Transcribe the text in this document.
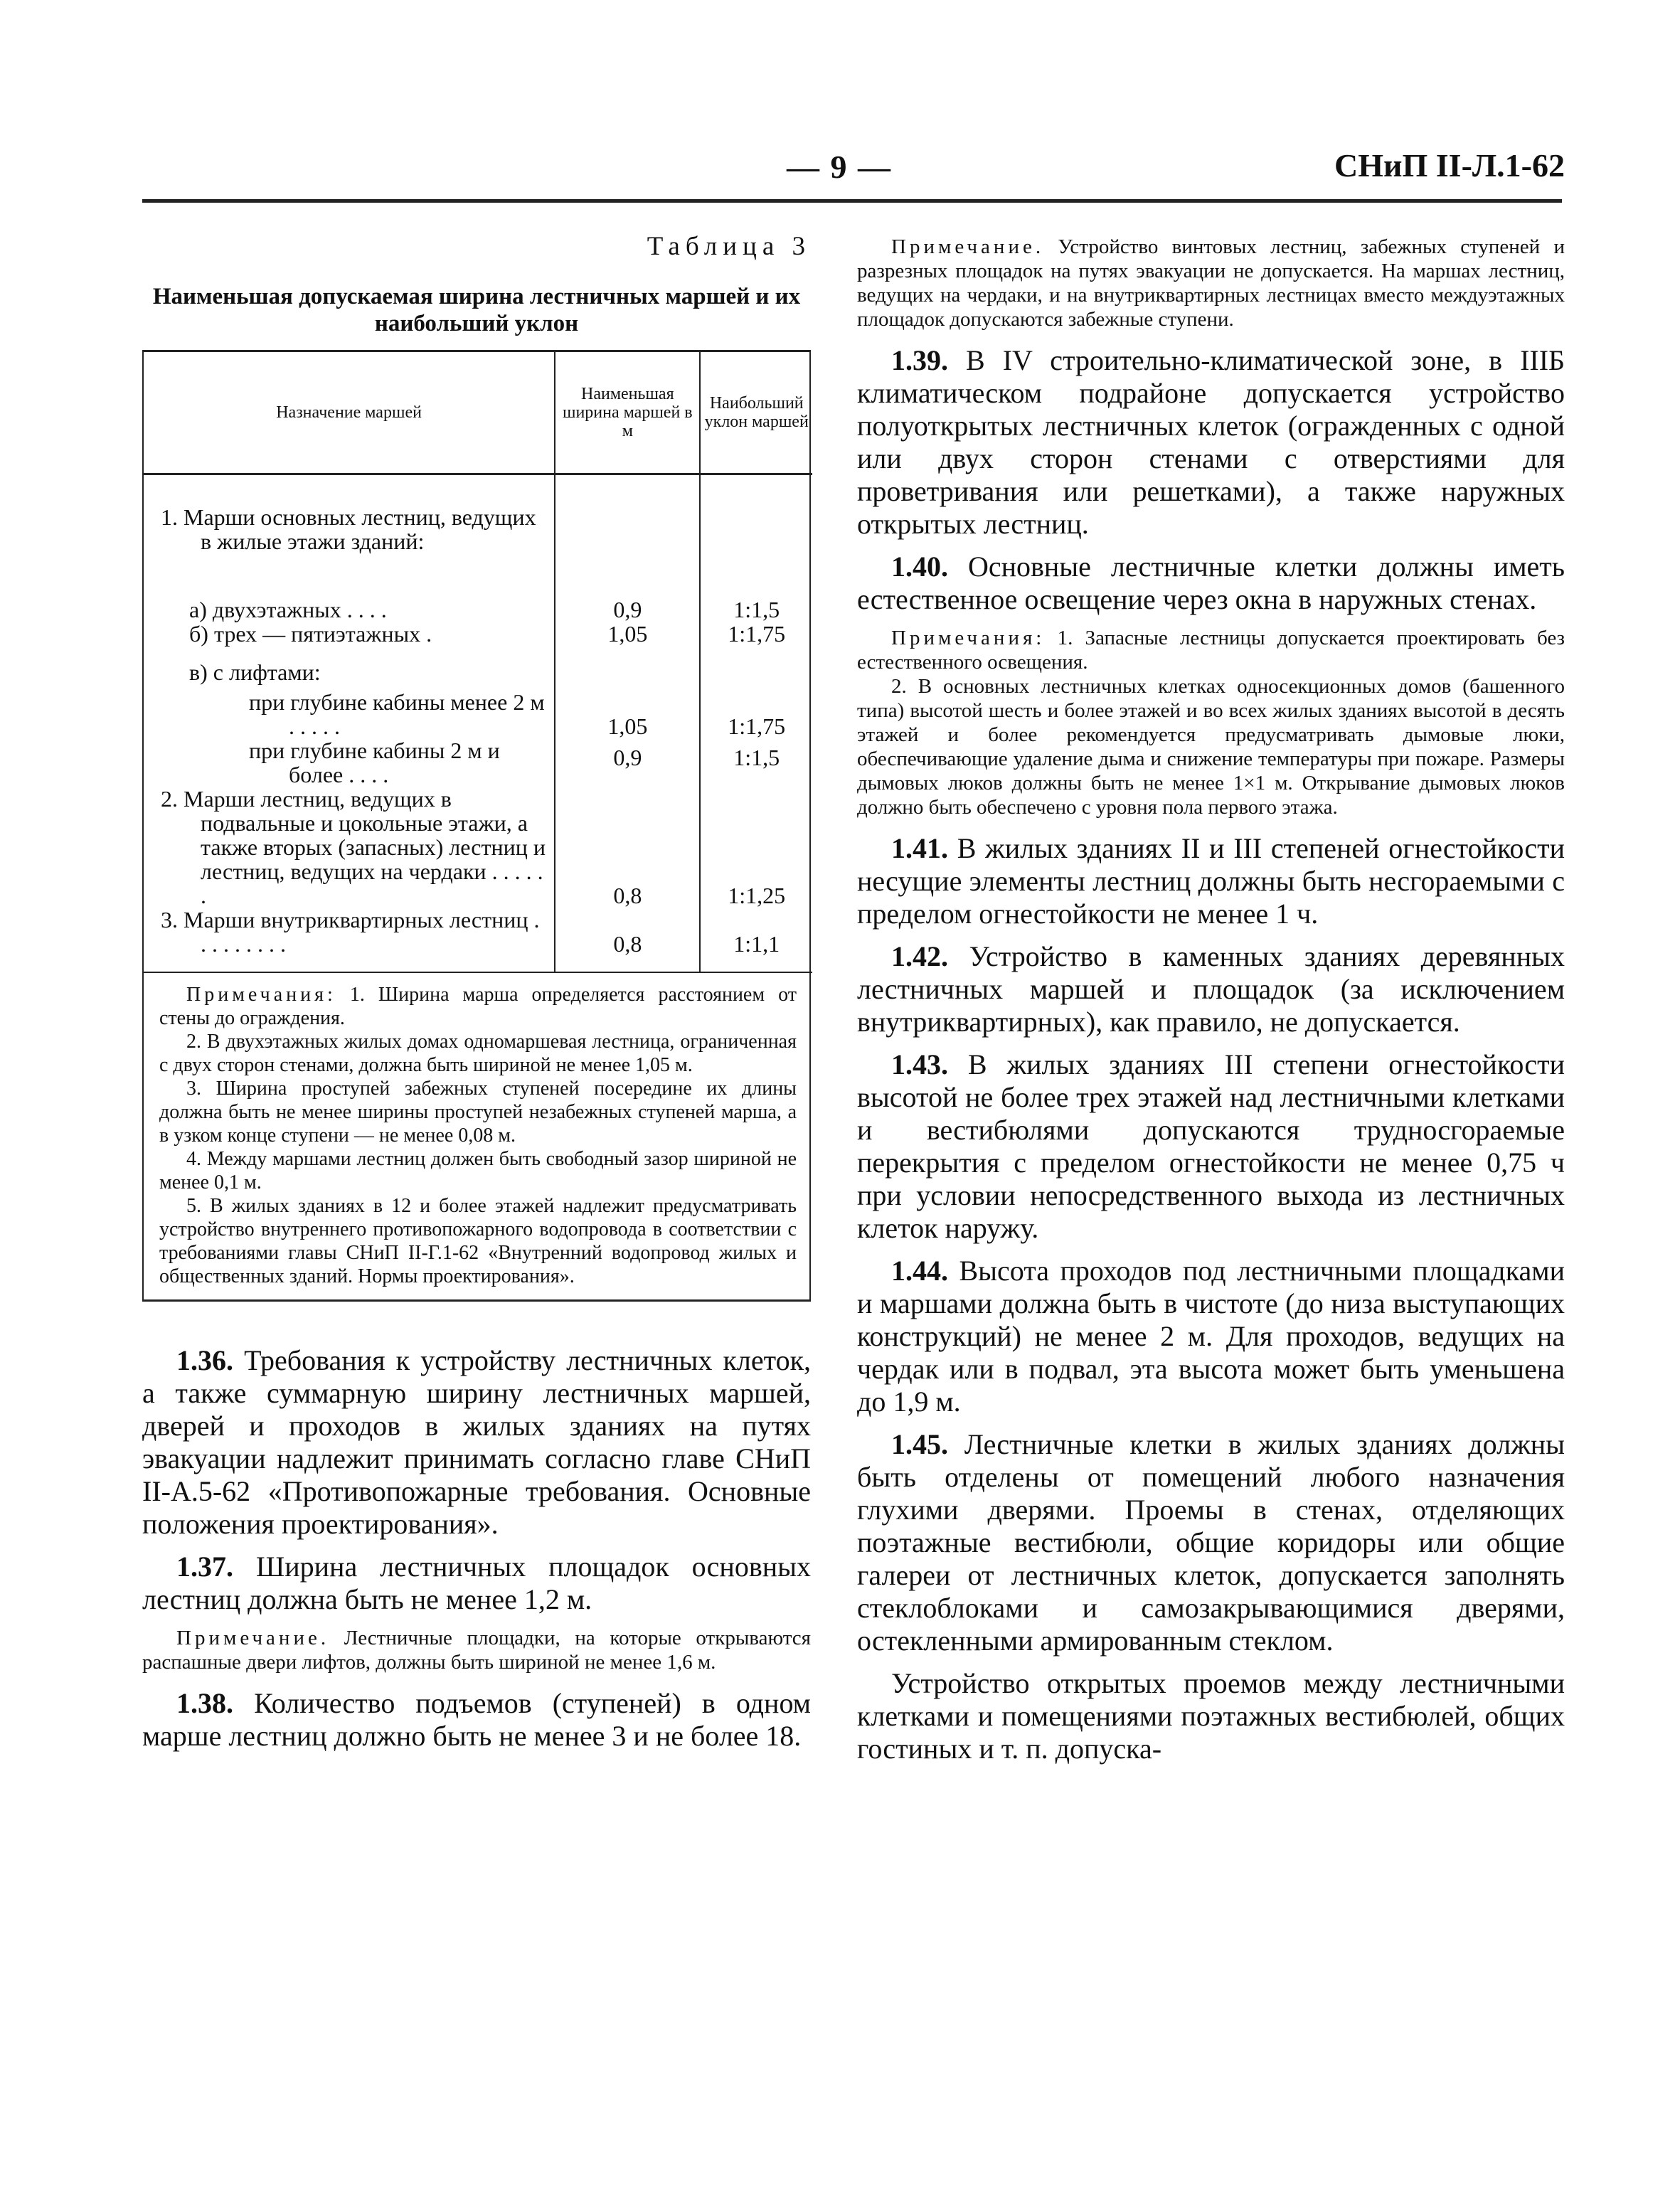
— 9 —	СНиП II-Л.1-62
Таблица 3
Наименьшая допускаемая ширина лестничных маршей и их наибольший уклон
Назначение маршей	Наименьшая ширина маршей в м	Наибольший уклон маршей

1. Марши основных лестниц, ведущих в жилые этажи зданий:		

а) двухэтажных . . . .	0,9	1:1,5

б) трех — пятиэтажных .	1,05	1:1,75

в) с лифтами:		

при глубине кабины менее 2 м . . . . .	1,05	1:1,75

при глубине кабины 2 м и более . . . .	0,9	1:1,5

2. Марши лестниц, ведущих в подвальные и цокольные этажи, а также вторых (запасных) лестниц и лестниц, ведущих на чердаки . . . . . .	0,8	1:1,25

3. Марши внутриквартирных лестниц . . . . . . . . .	0,8	1:1,1

Примечания: 1. Ширина марша определяется расстоянием от стены до ограждения.

2. В двухэтажных жилых домах одномаршевая лестница, ограниченная с двух сторон стенами, должна быть шириной не менее 1,05 м.

3. Ширина проступей забежных ступеней посередине их длины должна быть не менее ширины проступей незабежных ступеней марша, а в узком конце ступени — не менее 0,08 м.

4. Между маршами лестниц должен быть свободный зазор шириной не менее 0,1 м.

5. В жилых зданиях в 12 и более этажей надлежит предусматривать устройство внутреннего противопожарного водопровода в соответствии с требованиями главы СНиП II-Г.1-62 «Внутренний водопровод жилых и общественных зданий. Нормы проектирования».		

1.36. Требования к устройству лестничных клеток, а также суммарную ширину лестничных маршей, дверей и проходов в жилых зданиях на путях эвакуации надлежит принимать согласно главе СНиП II-А.5-62 «Противопожарные требования. Основные положения проектирования».

1.37. Ширина лестничных площадок основных лестниц должна быть не менее 1,2 м.

Примечание. Лестничные площадки, на которые открываются распашные двери лифтов, должны быть шириной не менее 1,6 м.

1.38. Количество подъемов (ступеней) в одном марше лестниц должно быть не менее 3 и не более 18.

Примечание. Устройство винтовых лестниц, забежных ступеней и разрезных площадок на путях эвакуации не допускается. На маршах лестниц, ведущих на чердаки, и на внутриквартирных лестницах вместо междуэтажных площадок допускаются забежные ступени.

1.39. В IV строительно-климатической зоне, в IIIБ климатическом подрайоне допускается устройство полуоткрытых лестничных клеток (огражденных с одной или двух сторон стенами с отверстиями для проветривания или решетками), а также наружных открытых лестниц.

1.40. Основные лестничные клетки должны иметь естественное освещение через окна в наружных стенах.

Примечания: 1. Запасные лестницы допускается проектировать без естественного освещения.

2. В основных лестничных клетках односекционных домов (башенного типа) высотой шесть и более этажей и во всех жилых зданиях высотой в десять этажей и более рекомендуется предусматривать дымовые люки, обеспечивающие удаление дыма и снижение температуры при пожаре. Размеры дымовых люков должны быть не менее 1×1 м. Открывание дымовых люков должно быть обеспечено с уровня пола первого этажа.

1.41. В жилых зданиях II и III степеней огнестойкости несущие элементы лестниц должны быть несгораемыми с пределом огнестойкости не менее 1 ч.

1.42. Устройство в каменных зданиях деревянных лестничных маршей и площадок (за исключением внутриквартирных), как правило, не допускается.

1.43. В жилых зданиях III степени огнестойкости высотой не более трех этажей над лестничными клетками и вестибюлями допускаются трудносгораемые перекрытия с пределом огнестойкости не менее 0,75 ч при условии непосредственного выхода из лестничных клеток наружу.

1.44. Высота проходов под лестничными площадками и маршами должна быть в чистоте (до низа выступающих конструкций) не менее 2 м. Для проходов, ведущих на чердак или в подвал, эта высота может быть уменьшена до 1,9 м.

1.45. Лестничные клетки в жилых зданиях должны быть отделены от помещений любого назначения глухими дверями. Проемы в стенах, отделяющих поэтажные вестибюли, общие коридоры или общие галереи от лестничных клеток, допускается заполнять стеклоблоками и самозакрывающимися дверями, остекленными армированным стеклом.

Устройство открытых проемов между лестничными клетками и помещениями поэтажных вестибюлей, общих гостиных и т. п. допуска-
